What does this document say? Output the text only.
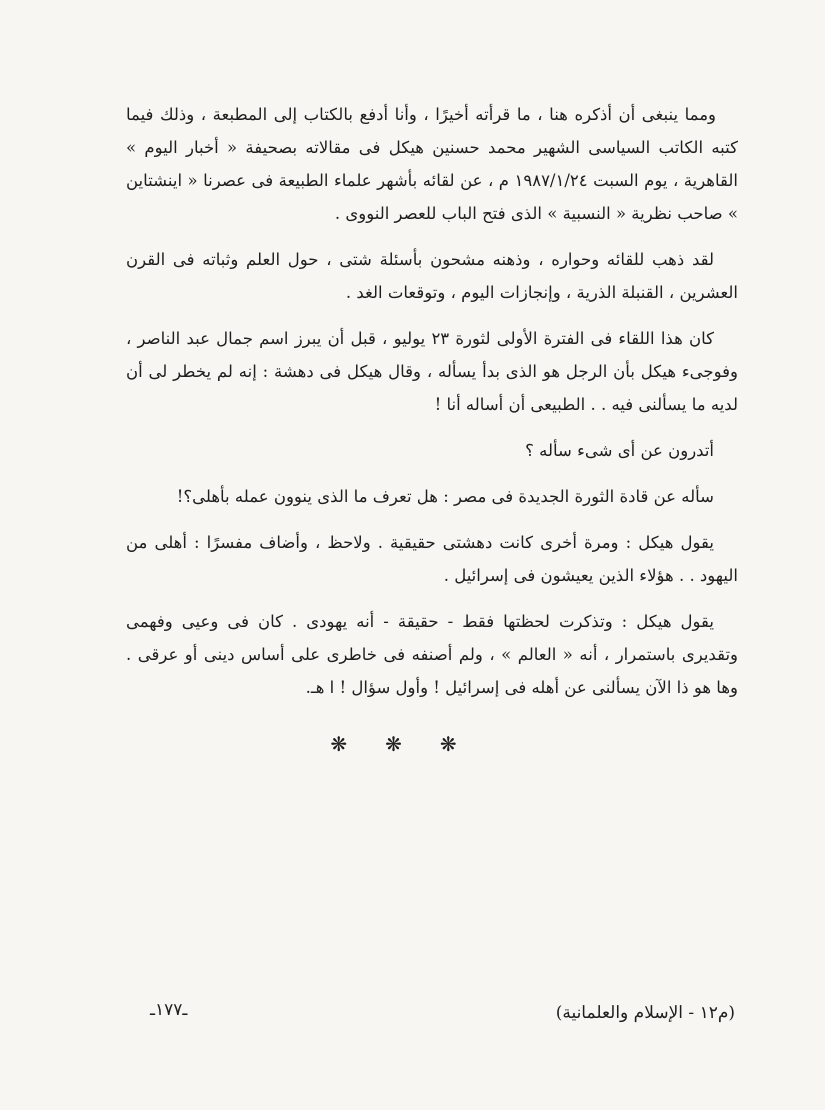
ومما ينبغى أن أذكره هنا ، ما قرأته أخيرًا ، وأنا أدفع بالكتاب إلى المطبعة ، وذلك فيما كتبه الكاتب السياسى الشهير محمد حسنين هيكل فى مقالاته بصحيفة « أخبار اليوم » القاهرية ، يوم السبت ١٩٨٧/١/٢٤ م ، عن لقائه بأشهر علماء الطبيعة فى عصرنا « اينشتاين » صاحب نظرية « النسبية » الذى فتح الباب للعصر النووى .

لقد ذهب للقائه وحواره ، وذهنه مشحون بأسئلة شتى ، حول العلم وثباته فى القرن العشرين ، القنبلة الذرية ، وإنجازات اليوم ، وتوقعات الغد .

كان هذا اللقاء فى الفترة الأولى لثورة ٢٣ يوليو ، قبل أن يبرز اسم جمال عبد الناصر ، وفوجىء هيكل بأن الرجل هو الذى بدأ يسأله ، وقال هيكل فى دهشة : إنه لم يخطر لى أن لديه ما يسألنى فيه . . الطبيعى أن أساله أنا !

أتدرون عن أى شىء سأله ؟

سأله عن قادة الثورة الجديدة فى مصر : هل تعرف ما الذى ينوون عمله بأهلى؟!

يقول هيكل : ومرة أخرى كانت دهشتى حقيقية . ولاحظ ، وأضاف مفسرًا : أهلى من اليهود . . هؤلاء الذين يعيشون فى إسرائيل .

يقول هيكل : وتذكرت لحظتها فقط - حقيقة - أنه يهودى . كان فى وعيى وفهمى وتقديرى باستمرار ، أنه « العالم » ، ولم أصنفه فى خاطرى على أساس دينى أو عرقى . وها هو ذا الآن يسألنى عن أهله فى إسرائيل ! وأول سؤال ! ا هـ.

❋❋❋
(م١٢ - الإسلام والعلمانية)
ـ١٧٧ـ
